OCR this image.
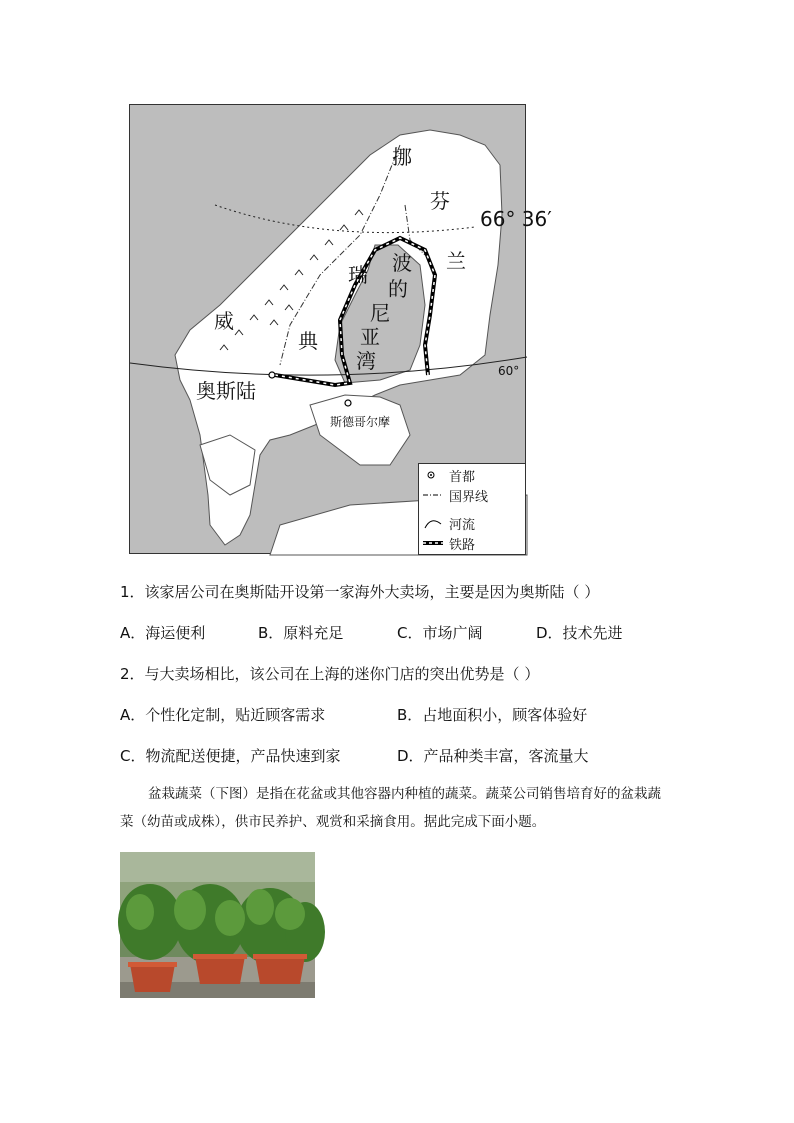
挪
芬
66° 36′
兰
瑞 波
的
尼
亚
湾
威
典
奥斯陆
斯德哥尔摩
60°
首都
国界线
河流
铁路
1．该家居公司在奥斯陆开设第一家海外大卖场，主要是因为奥斯陆（ ）
A．海运便利	B．原料充足	C．市场广阔	D．技术先进
2．与大卖场相比，该公司在上海的迷你门店的突出优势是（ ）
A．个性化定制，贴近顾客需求	B．占地面积小，顾客体验好
C．物流配送便捷，产品快速到家	D．产品种类丰富，客流量大
盆栽蔬菜（下图）是指在花盆或其他容器内种植的蔬菜。蔬菜公司销售培育好的盆栽蔬
菜（幼苗或成株），供市民养护、观赏和采摘食用。据此完成下面小题。
